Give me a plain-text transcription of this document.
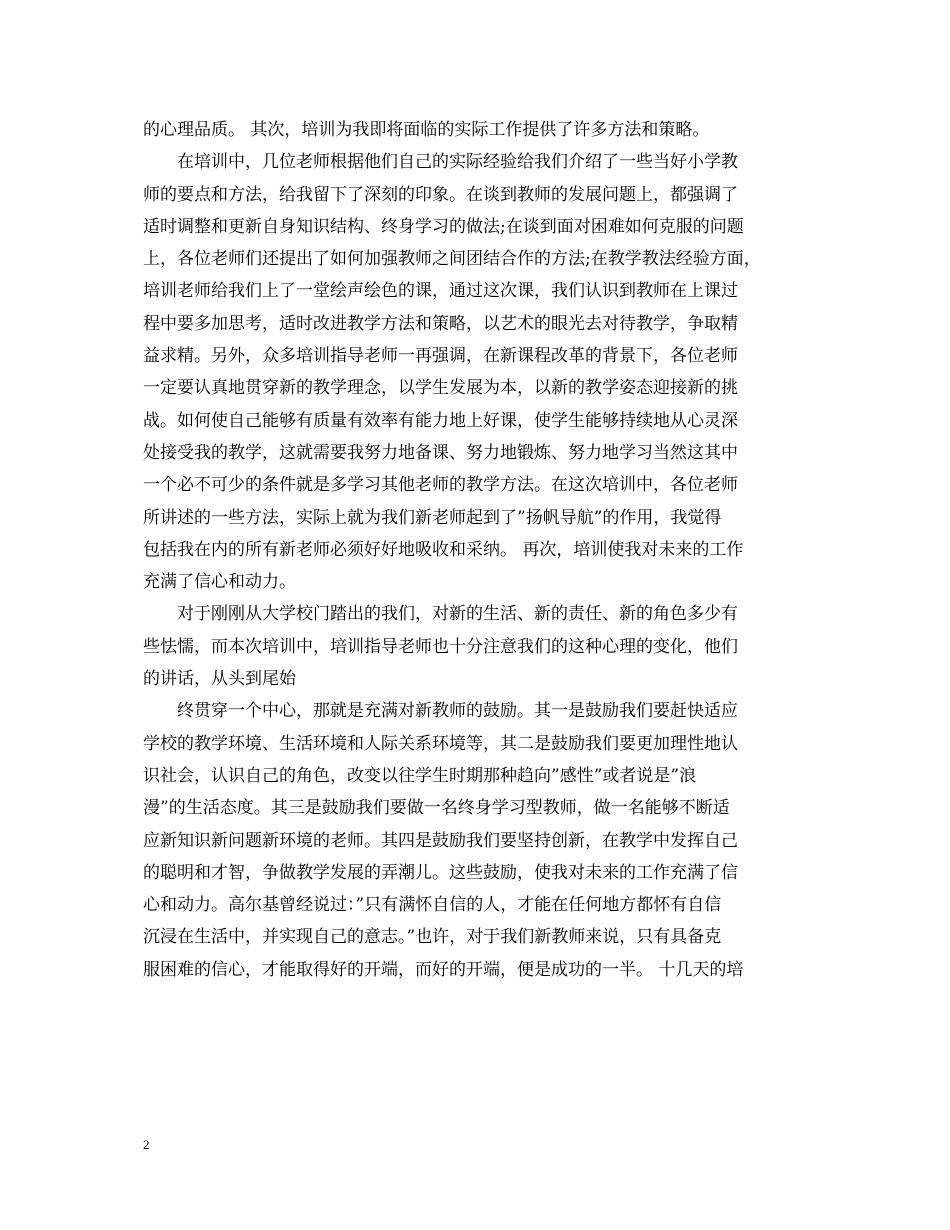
的心理品质。 其次，培训为我即将面临的实际工作提供了许多方法和策略。
在培训中，几位老师根据他们自己的实际经验给我们介绍了一些当好小学教
师的要点和方法，给我留下了深刻的印象。在谈到教师的发展问题上，都强调了
适时调整和更新自身知识结构、终身学习的做法;在谈到面对困难如何克服的问题
上，各位老师们还提出了如何加强教师之间团结合作的方法;在教学教法经验方面，
培训老师给我们上了一堂绘声绘色的课，通过这次课，我们认识到教师在上课过
程中要多加思考，适时改进教学方法和策略，以艺术的眼光去对待教学，争取精
益求精。另外，众多培训指导老师一再强调，在新课程改革的背景下，各位老师
一定要认真地贯穿新的教学理念，以学生发展为本，以新的教学姿态迎接新的挑
战。如何使自己能够有质量有效率有能力地上好课，使学生能够持续地从心灵深
处接受我的教学，这就需要我努力地备课、努力地锻炼、努力地学习当然这其中
一个必不可少的条件就是多学习其他老师的教学方法。在这次培训中，各位老师
所讲述的一些方法，实际上就为我们新老师起到了”扬帆导航”的作用，我觉得
包括我在内的所有新老师必须好好地吸收和采纳。 再次，培训使我对未来的工作
充满了信心和动力。
对于刚刚从大学校门踏出的我们，对新的生活、新的责任、新的角色多少有
些怯懦，而本次培训中，培训指导老师也十分注意我们的这种心理的变化，他们
的讲话，从头到尾始
终贯穿一个中心，那就是充满对新教师的鼓励。其一是鼓励我们要赶快适应
学校的教学环境、生活环境和人际关系环境等，其二是鼓励我们要更加理性地认
识社会，认识自己的角色，改变以往学生时期那种趋向”感性”或者说是”浪
漫”的生活态度。其三是鼓励我们要做一名终身学习型教师，做一名能够不断适
应新知识新问题新环境的老师。其四是鼓励我们要坚持创新，在教学中发挥自己
的聪明和才智，争做教学发展的弄潮儿。这些鼓励，使我对未来的工作充满了信
心和动力。高尔基曾经说过：”只有满怀自信的人，才能在任何地方都怀有自信
沉浸在生活中，并实现自己的意志。”也许，对于我们新教师来说，只有具备克
服困难的信心，才能取得好的开端，而好的开端，便是成功的一半。 十几天的培
2
